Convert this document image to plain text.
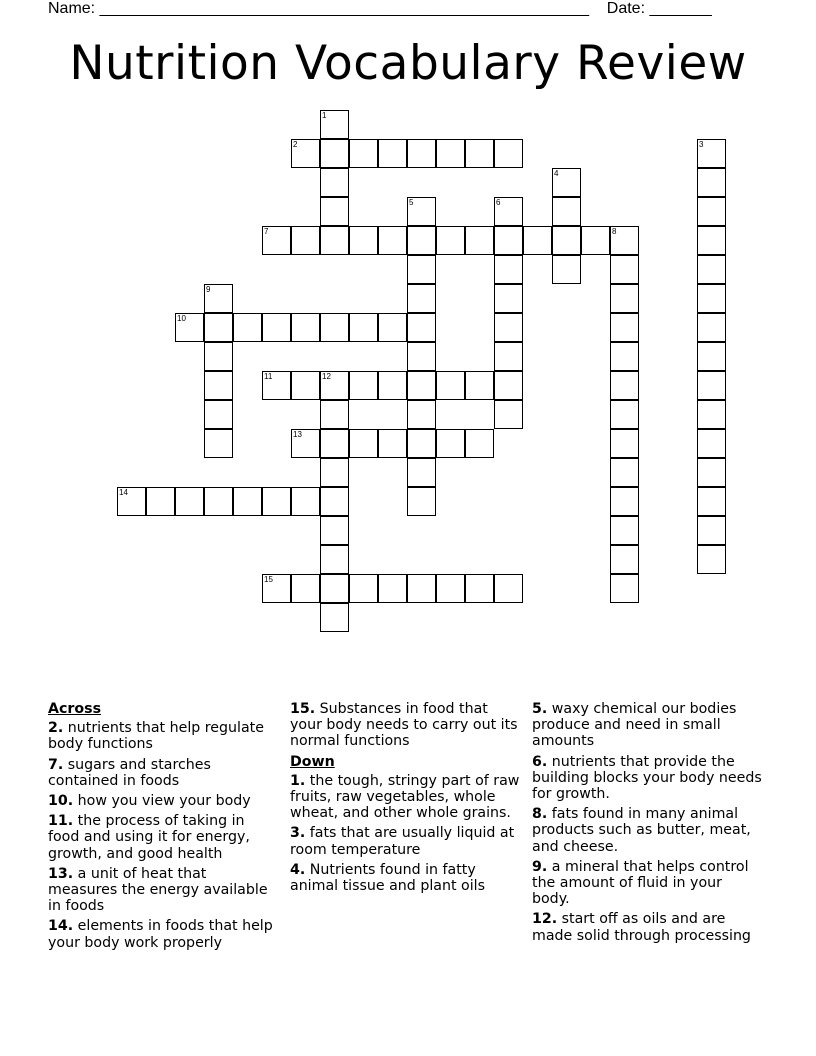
Name: _______________________________________________________ Date: _______
Nutrition Vocabulary Review
1
2	3
4
5	6
7	8
9
10
11	12
13
14
15
Across
2. nutrients that help regulate body functions
7. sugars and starches contained in foods
10. how you view your body
11. the process of taking in food and using it for energy, growth, and good health
13. a unit of heat that measures the energy available in foods
14. elements in foods that help your body work properly
15. Substances in food that your body needs to carry out its normal functions
Down
1. the tough, stringy part of raw fruits, raw vegetables, whole wheat, and other whole grains.
3. fats that are usually liquid at room temperature
4. Nutrients found in fatty animal tissue and plant oils
5. waxy chemical our bodies produce and need in small amounts
6. nutrients that provide the building blocks your body needs for growth.
8. fats found in many animal products such as butter, meat, and cheese.
9. a mineral that helps control the amount of fluid in your body.
12. start off as oils and are made solid through processing
